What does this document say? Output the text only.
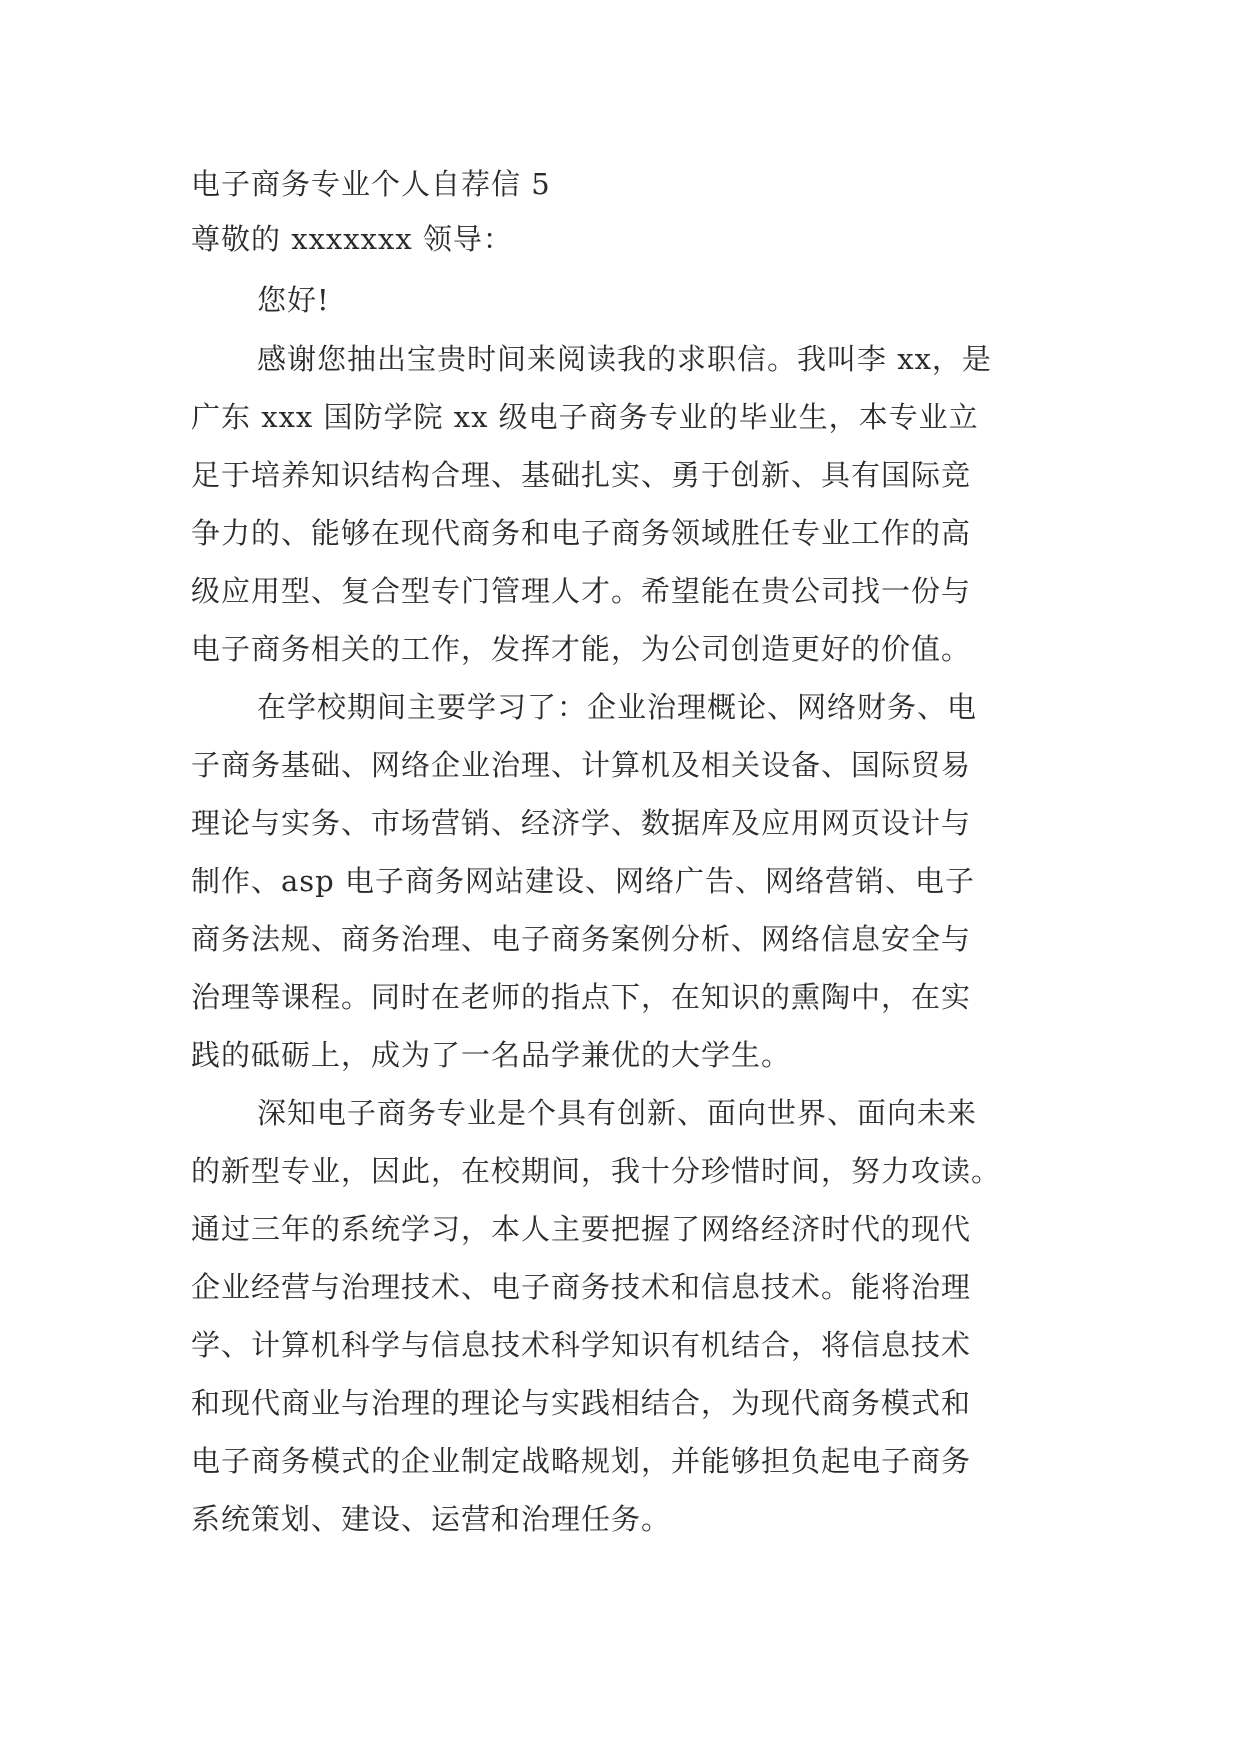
电子商务专业个人自荐信 5
尊敬的 xxxxxxx 领导：
您好!
感谢您抽出宝贵时间来阅读我的求职信。我叫李 xx，是
广东 xxx 国防学院 xx 级电子商务专业的毕业生，本专业立
足于培养知识结构合理、基础扎实、勇于创新、具有国际竞
争力的、能够在现代商务和电子商务领域胜任专业工作的高
级应用型、复合型专门管理人才。希望能在贵公司找一份与
电子商务相关的工作，发挥才能，为公司创造更好的价值。
在学校期间主要学习了：企业治理概论、网络财务、电
子商务基础、网络企业治理、计算机及相关设备、国际贸易
理论与实务、市场营销、经济学、数据库及应用网页设计与
制作、asp 电子商务网站建设、网络广告、网络营销、电子
商务法规、商务治理、电子商务案例分析、网络信息安全与
治理等课程。同时在老师的指点下，在知识的熏陶中，在实
践的砥砺上，成为了一名品学兼优的大学生。
深知电子商务专业是个具有创新、面向世界、面向未来
的新型专业，因此，在校期间，我十分珍惜时间，努力攻读。
通过三年的系统学习，本人主要把握了网络经济时代的现代
企业经营与治理技术、电子商务技术和信息技术。能将治理
学、计算机科学与信息技术科学知识有机结合，将信息技术
和现代商业与治理的理论与实践相结合，为现代商务模式和
电子商务模式的企业制定战略规划，并能够担负起电子商务
系统策划、建设、运营和治理任务。
